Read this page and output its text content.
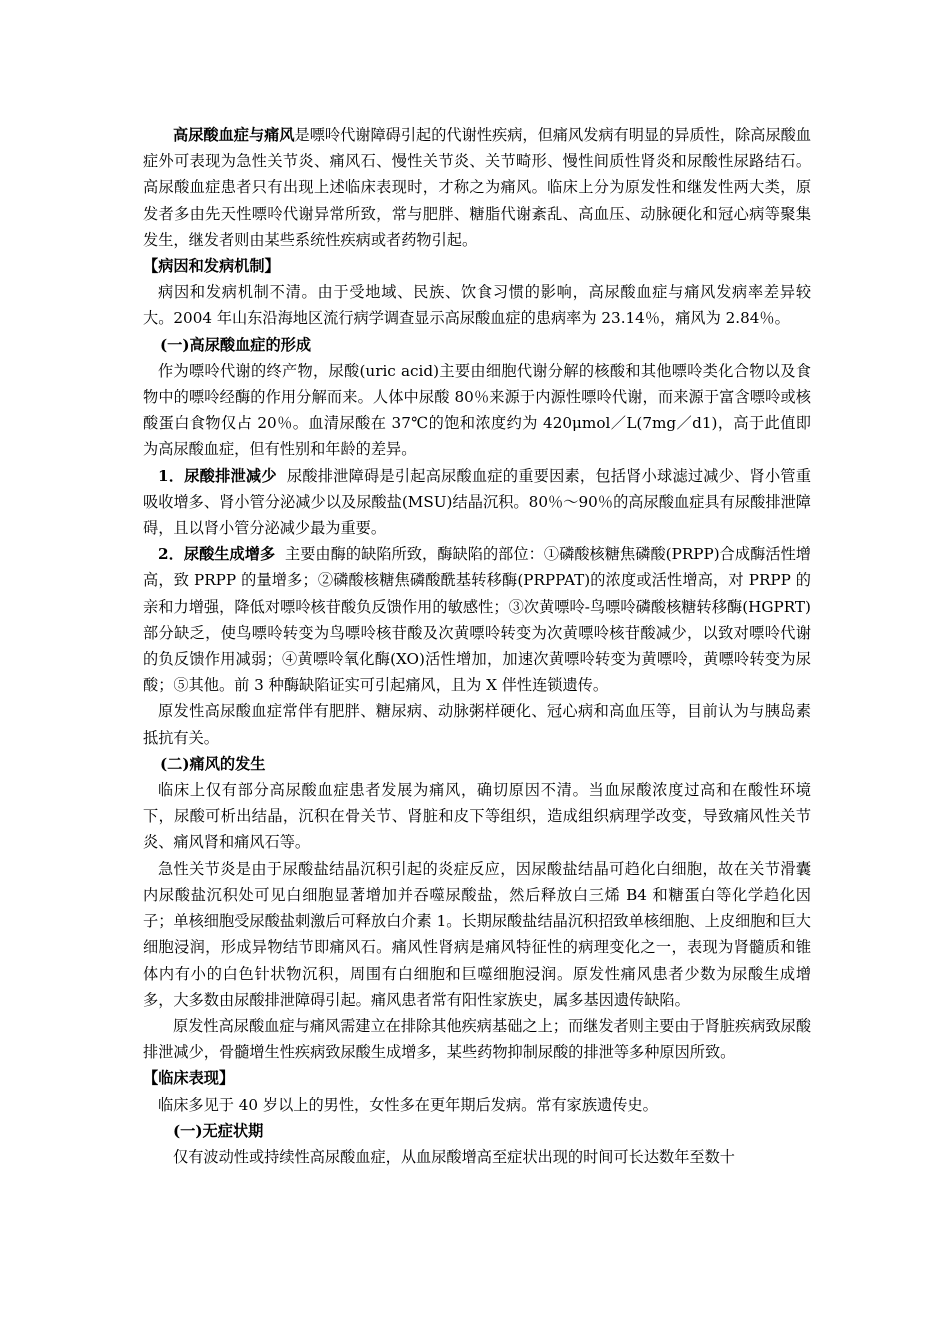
高尿酸血症与痛风是嘌呤代谢障碍引起的代谢性疾病，但痛风发病有明显的异质性，除高尿酸血症外可表现为急性关节炎、痛风石、慢性关节炎、关节畸形、慢性间质性肾炎和尿酸性尿路结石。高尿酸血症患者只有出现上述临床表现时，才称之为痛风。临床上分为原发性和继发性两大类，原发者多由先天性嘌呤代谢异常所致，常与肥胖、糖脂代谢紊乱、高血压、动脉硬化和冠心病等聚集发生，继发者则由某些系统性疾病或者药物引起。

【病因和发病机制】

病因和发病机制不清。由于受地域、民族、饮食习惯的影响，高尿酸血症与痛风发病率差异较大。2004 年山东沿海地区流行病学调查显示高尿酸血症的患病率为 23.14％，痛风为 2.84％。

(一)高尿酸血症的形成

作为嘌呤代谢的终产物，尿酸(uric acid)主要由细胞代谢分解的核酸和其他嘌呤类化合物以及食物中的嘌呤经酶的作用分解而来。人体中尿酸 80％来源于内源性嘌呤代谢，而来源于富含嘌呤或核酸蛋白食物仅占 20％。血清尿酸在 37℃的饱和浓度约为 420μmol／L(7mg／d1)，高于此值即为高尿酸血症，但有性别和年龄的差异。

1．尿酸排泄减少 尿酸排泄障碍是引起高尿酸血症的重要因素，包括肾小球滤过减少、肾小管重吸收增多、肾小管分泌减少以及尿酸盐(MSU)结晶沉积。80％～90％的高尿酸血症具有尿酸排泄障碍，且以肾小管分泌减少最为重要。

2．尿酸生成增多 主要由酶的缺陷所致，酶缺陷的部位：①磷酸核糖焦磷酸(PRPP)合成酶活性增高，致 PRPP 的量增多；②磷酸核糖焦磷酸酰基转移酶(PRPPAT)的浓度或活性增高，对 PRPP 的亲和力增强，降低对嘌呤核苷酸负反馈作用的敏感性；③次黄嘌呤-鸟嘌呤磷酸核糖转移酶(HGPRT)部分缺乏，使鸟嘌呤转变为鸟嘌呤核苷酸及次黄嘌呤转变为次黄嘌呤核苷酸减少，以致对嘌呤代谢的负反馈作用减弱；④黄嘌呤氧化酶(XO)活性增加，加速次黄嘌呤转变为黄嘌呤，黄嘌呤转变为尿酸；⑤其他。前 3 种酶缺陷证实可引起痛风，且为 X 伴性连锁遗传。

原发性高尿酸血症常伴有肥胖、糖尿病、动脉粥样硬化、冠心病和高血压等，目前认为与胰岛素抵抗有关。

(二)痛风的发生

临床上仅有部分高尿酸血症患者发展为痛风，确切原因不清。当血尿酸浓度过高和在酸性环境下，尿酸可析出结晶，沉积在骨关节、肾脏和皮下等组织，造成组织病理学改变，导致痛风性关节炎、痛风肾和痛风石等。

急性关节炎是由于尿酸盐结晶沉积引起的炎症反应，因尿酸盐结晶可趋化白细胞，故在关节滑囊内尿酸盐沉积处可见白细胞显著增加并吞噬尿酸盐，然后释放白三烯 B4 和糖蛋白等化学趋化因子；单核细胞受尿酸盐刺激后可释放白介素 1。长期尿酸盐结晶沉积招致单核细胞、上皮细胞和巨大细胞浸润，形成异物结节即痛风石。痛风性肾病是痛风特征性的病理变化之一，表现为肾髓质和锥体内有小的白色针状物沉积，周围有白细胞和巨噬细胞浸润。原发性痛风患者少数为尿酸生成增多，大多数由尿酸排泄障碍引起。痛风患者常有阳性家族史，属多基因遗传缺陷。

原发性高尿酸血症与痛风需建立在排除其他疾病基础之上；而继发者则主要由于肾脏疾病致尿酸排泄减少，骨髓增生性疾病致尿酸生成增多，某些药物抑制尿酸的排泄等多种原因所致。

【临床表现】

临床多见于 40 岁以上的男性，女性多在更年期后发病。常有家族遗传史。

(一)无症状期

仅有波动性或持续性高尿酸血症，从血尿酸增高至症状出现的时间可长达数年至数十
